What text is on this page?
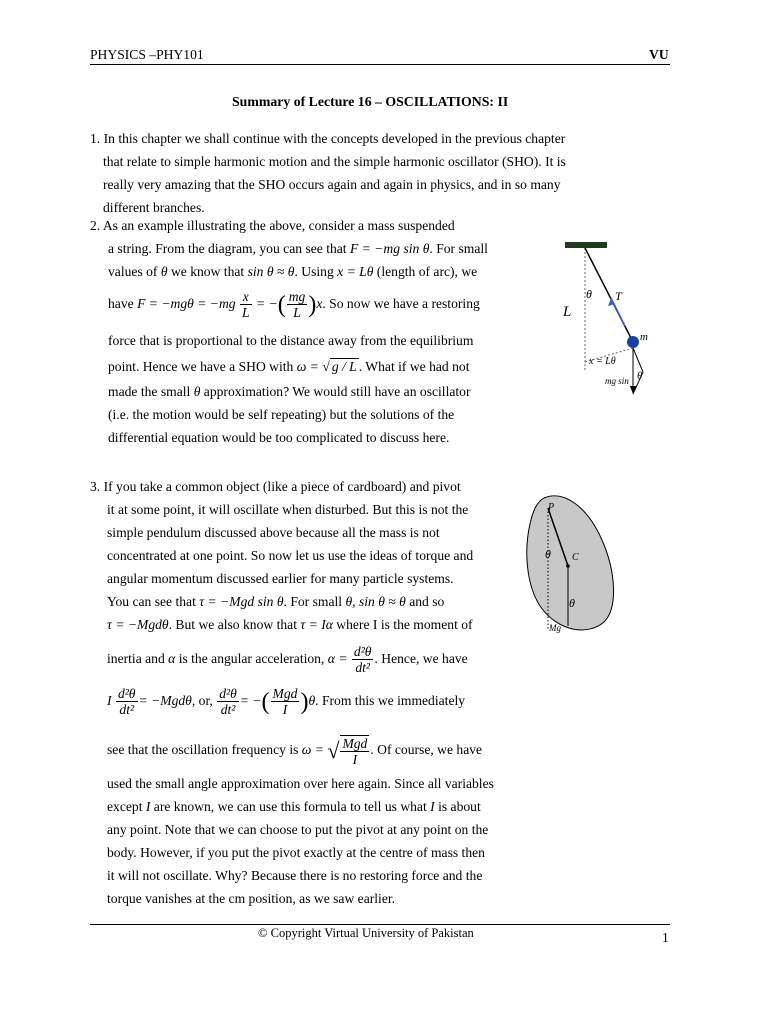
PHYSICS –PHY101	VU
Summary of Lecture 16 – OSCILLATIONS: II
1. In this chapter we shall continue with the concepts developed in the previous chapter
that relate to simple harmonic motion and the simple harmonic oscillator (SHO). It is
really very amazing that the SHO occurs again and again in physics, and in so many
different branches.
2. As an example illustrating the above, consider a mass suspended
a string. From the diagram, you can see that F = −mg sin θ. For small
values of θ we know that sin θ ≈ θ. Using x = Lθ (length of arc), we
have $F = -mg\theta = -mg \frac{x}{L}$ = −( $\frac{mg}{L} )x$. So now we have a restoring
force that is proportional to the distance away from the equilibrium
point. Hence we have a SHO with ω = √ g / L . What if we had not
made the small θ approximation? We would still have an oscillator
(i.e. the motion would be self repeating) but the solutions of the
differential equation would be too complicated to discuss here.
L
θ T
m
x = Lθ
mg sin θ
3. If you take a common object (like a piece of cardboard) and pivot
it at some point, it will oscillate when disturbed. But this is not the
simple pendulum discussed above because all the mass is not
concentrated at one point. So now let us use the ideas of torque and
angular momentum discussed earlier for many particle systems.
You can see that τ = −Mgd sin θ. For small θ, sin θ ≈ θ and so
τ = −Mgdθ. But we also know that τ = Iα where I is the moment of
inertia and α is the angular acceleration, $\alpha = \frac{\text{d²θ}}{\text{dt²}}$ . Hence, we have
I $\frac{\text{d²θ}}{\text{dt²}} = -Mgd\theta$, or, $\frac{\text{d²θ}}{\text{dt²}}$ = −( $\frac{\text{Mgd}}{I} )\theta$. From this we immediately
see that the oscillation frequency is ω = √ $\frac{\text{Mgd}}{I}$ . Of course, we have
used the small angle approximation over here again. Since all variables
except I are known, we can use this formula to tell us what I is about
any point. Note that we can choose to put the pivot at any point on the
body. However, if you put the pivot exactly at the centre of mass then
it will not oscillate. Why? Because there is no restoring force and the
torque vanishes at the cm position, as we saw earlier.
P
C
θ
θ
Mg
© Copyright Virtual University of Pakistan	1
